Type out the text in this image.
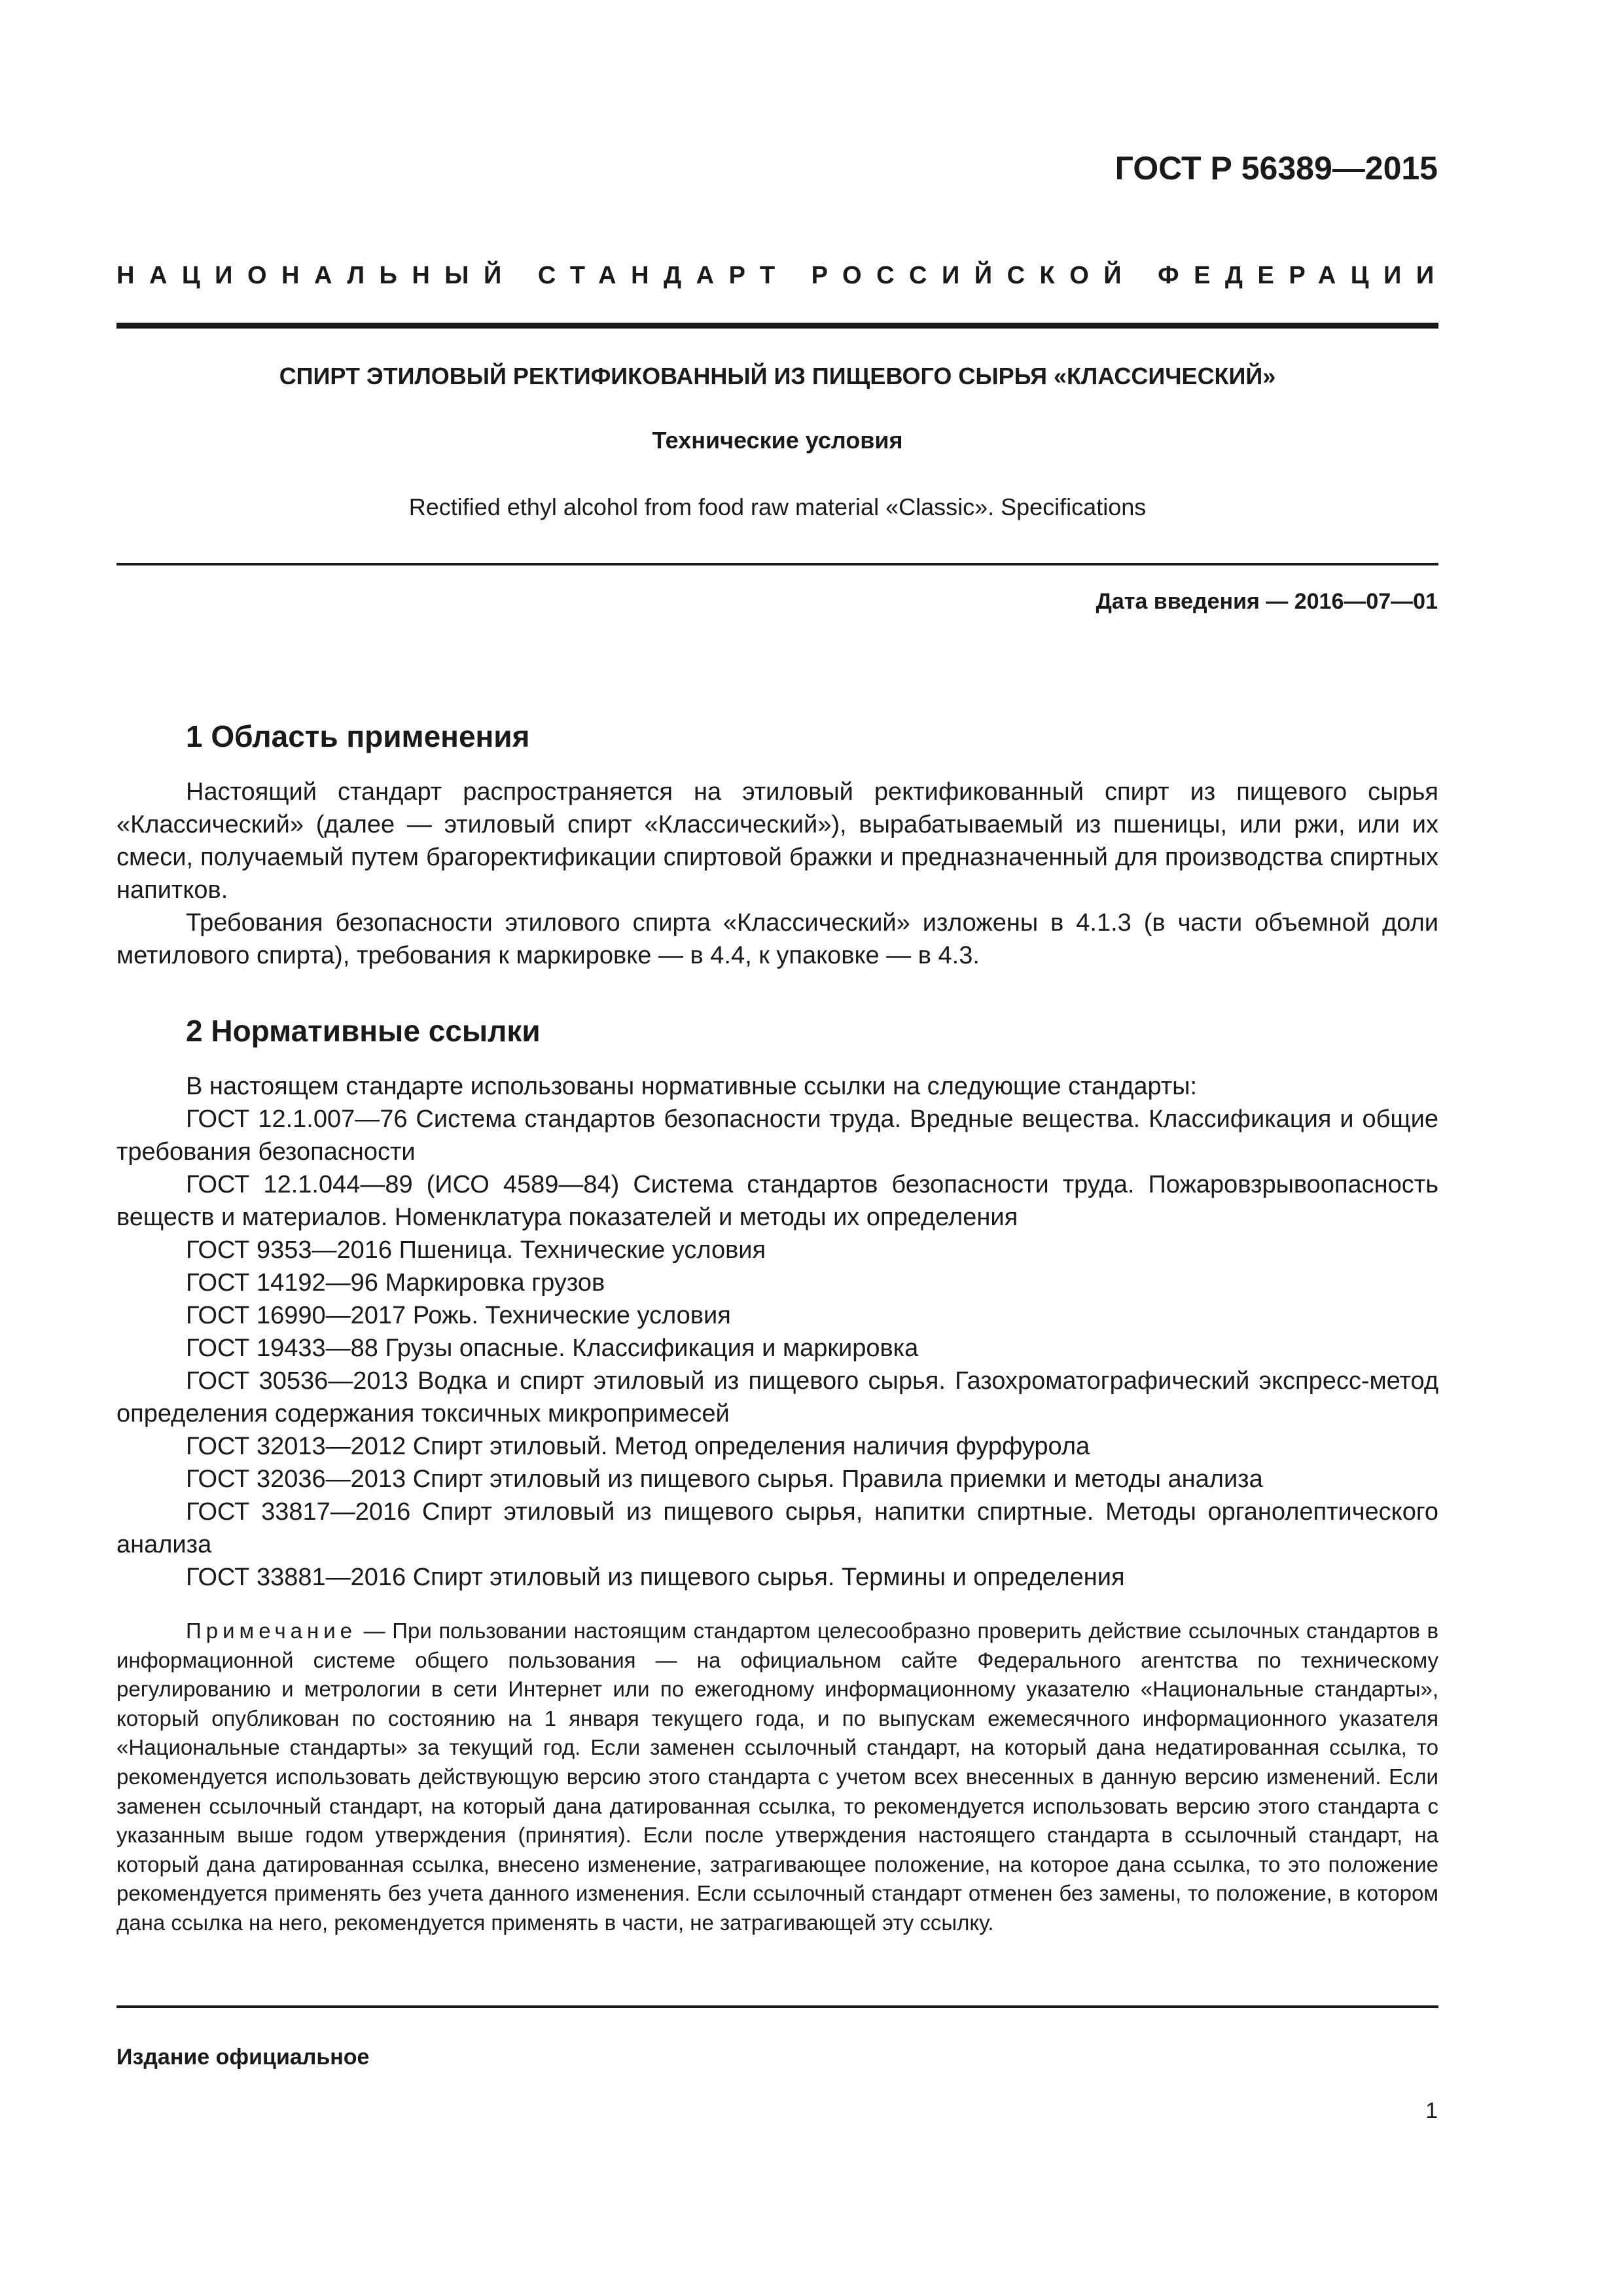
ГОСТ Р 56389—2015
НАЦИОНАЛЬНЫЙ СТАНДАРТ РОССИЙСКОЙ ФЕДЕРАЦИИ
СПИРТ ЭТИЛОВЫЙ РЕКТИФИКОВАННЫЙ ИЗ ПИЩЕВОГО СЫРЬЯ «КЛАССИЧЕСКИЙ»
Технические условия
Rectified ethyl alcohol from food raw material «Classic». Specifications
Дата введения — 2016—07—01
1 Область применения

Настоящий стандарт распространяется на этиловый ректификованный спирт из пищевого сырья «Классический» (далее — этиловый спирт «Классический»), вырабатываемый из пшеницы, или ржи, или их смеси, получаемый путем брагоректификации спиртовой бражки и предназначенный для производства спиртных напитков.

Требования безопасности этилового спирта «Классический» изложены в 4.1.3 (в части объемной доли метилового спирта), требования к маркировке — в 4.4, к упаковке — в 4.3.

2 Нормативные ссылки

В настоящем стандарте использованы нормативные ссылки на следующие стандарты:

ГОСТ 12.1.007—76 Система стандартов безопасности труда. Вредные вещества. Классификация и общие требования безопасности

ГОСТ 12.1.044—89 (ИСО 4589—84) Система стандартов безопасности труда. Пожаровзрывоопасность веществ и материалов. Номенклатура показателей и методы их определения

ГОСТ 9353—2016 Пшеница. Технические условия

ГОСТ 14192—96 Маркировка грузов

ГОСТ 16990—2017 Рожь. Технические условия

ГОСТ 19433—88 Грузы опасные. Классификация и маркировка

ГОСТ 30536—2013 Водка и спирт этиловый из пищевого сырья. Газохроматографический экспресс-метод определения содержания токсичных микропримесей

ГОСТ 32013—2012 Спирт этиловый. Метод определения наличия фурфурола

ГОСТ 32036—2013 Спирт этиловый из пищевого сырья. Правила приемки и методы анализа

ГОСТ 33817—2016 Спирт этиловый из пищевого сырья, напитки спиртные. Методы органолептического анализа

ГОСТ 33881—2016 Спирт этиловый из пищевого сырья. Термины и определения

Примечание — При пользовании настоящим стандартом целесообразно проверить действие ссылочных стандартов в информационной системе общего пользования — на официальном сайте Федерального агентства по техническому регулированию и метрологии в сети Интернет или по ежегодному информационному указателю «Национальные стандарты», который опубликован по состоянию на 1 января текущего года, и по выпускам ежемесячного информационного указателя «Национальные стандарты» за текущий год. Если заменен ссылочный стандарт, на который дана недатированная ссылка, то рекомендуется использовать действующую версию этого стандарта с учетом всех внесенных в данную версию изменений. Если заменен ссылочный стандарт, на который дана датированная ссылка, то рекомендуется использовать версию этого стандарта с указанным выше годом утверждения (принятия). Если после утверждения настоящего стандарта в ссылочный стандарт, на который дана датированная ссылка, внесено изменение, затрагивающее положение, на которое дана ссылка, то это положение рекомендуется применять без учета данного изменения. Если ссылочный стандарт отменен без замены, то положение, в котором дана ссылка на него, рекомендуется применять в части, не затрагивающей эту ссылку.

Издание официальное
1
